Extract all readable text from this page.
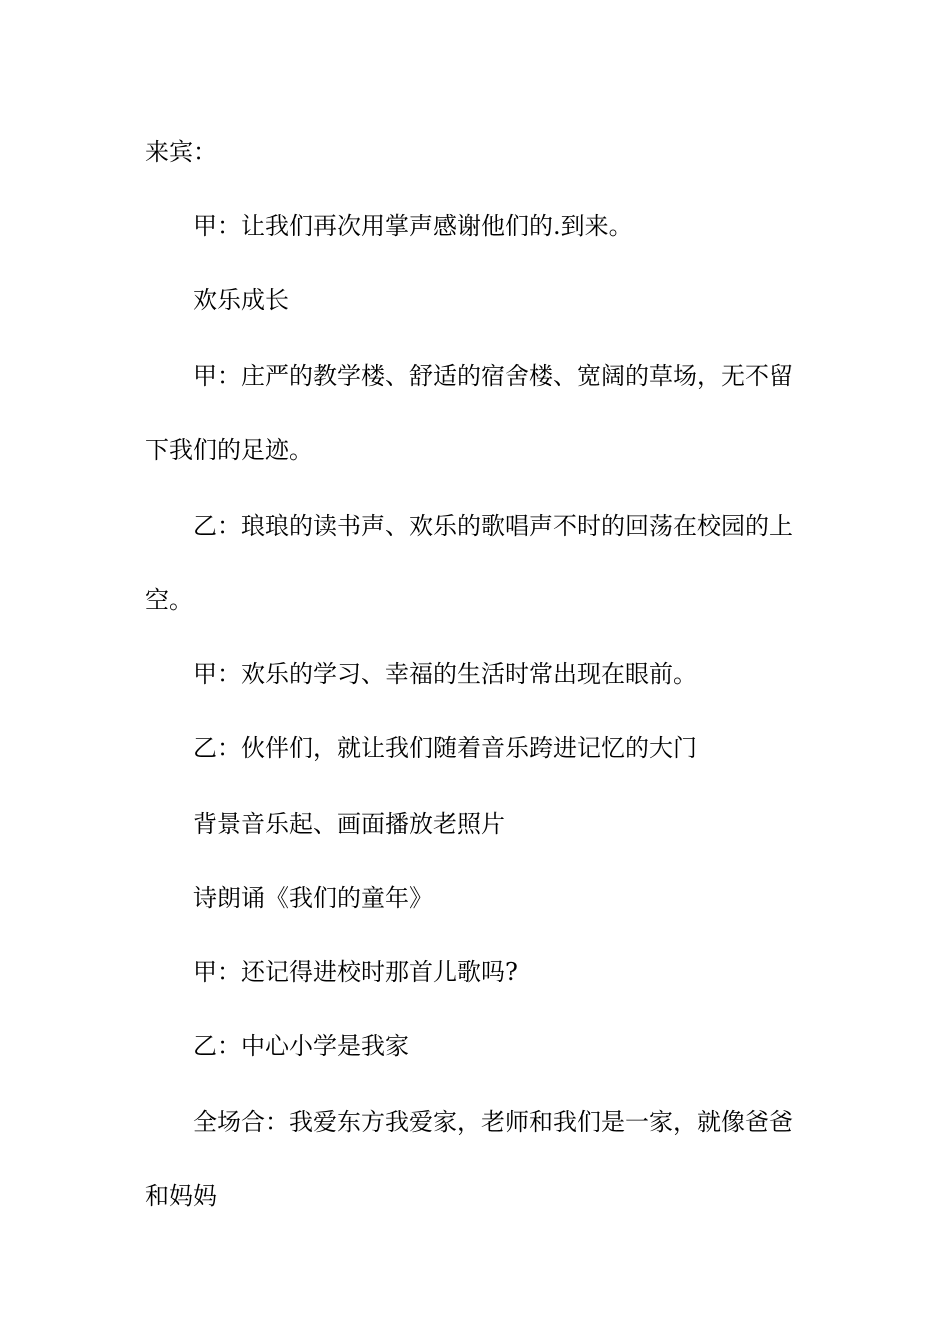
来宾：

甲：让我们再次用掌声感谢他们的.到来。

欢乐成长

甲：庄严的教学楼、舒适的宿舍楼、宽阔的草场，无不留

下我们的足迹。

乙：琅琅的读书声、欢乐的歌唱声不时的回荡在校园的上

空。

甲：欢乐的学习、幸福的生活时常出现在眼前。

乙：伙伴们，就让我们随着音乐跨进记忆的大门

背景音乐起、画面播放老照片

诗朗诵《我们的童年》

甲：还记得进校时那首儿歌吗?

乙：中心小学是我家

全场合：我爱东方我爱家，老师和我们是一家，就像爸爸

和妈妈
